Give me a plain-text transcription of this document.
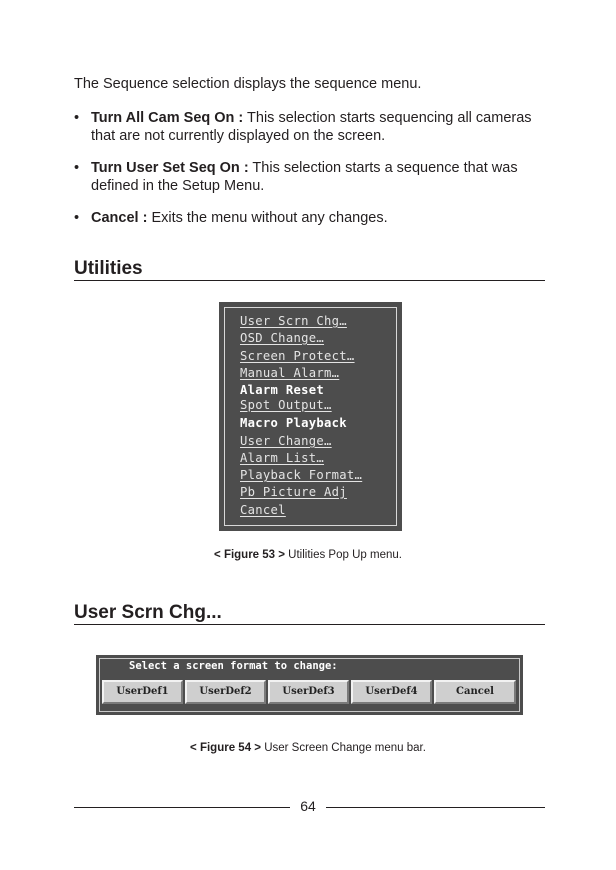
The Sequence selection displays the sequence menu.
• Turn All Cam Seq On : This selection starts sequencing all cameras
that are not currently displayed on the screen.
• Turn User Set Seq On : This selection starts a sequence that was
defined in the Setup Menu.
• Cancel : Exits the menu without any changes.
Utilities
User Scrn Chg…
OSD Change…
Screen Protect…
Manual Alarm…
Alarm Reset
Spot Output…
Macro Playback
User Change…
Alarm List…
Playback Format…
Pb Picture Adj
Cancel
< Figure 53 > Utilities Pop Up menu.
User Scrn Chg...
Select a screen format to change:
UserDef1	UserDef2	UserDef3	UserDef4	Cancel
< Figure 54 > User Screen Change menu bar.
64
